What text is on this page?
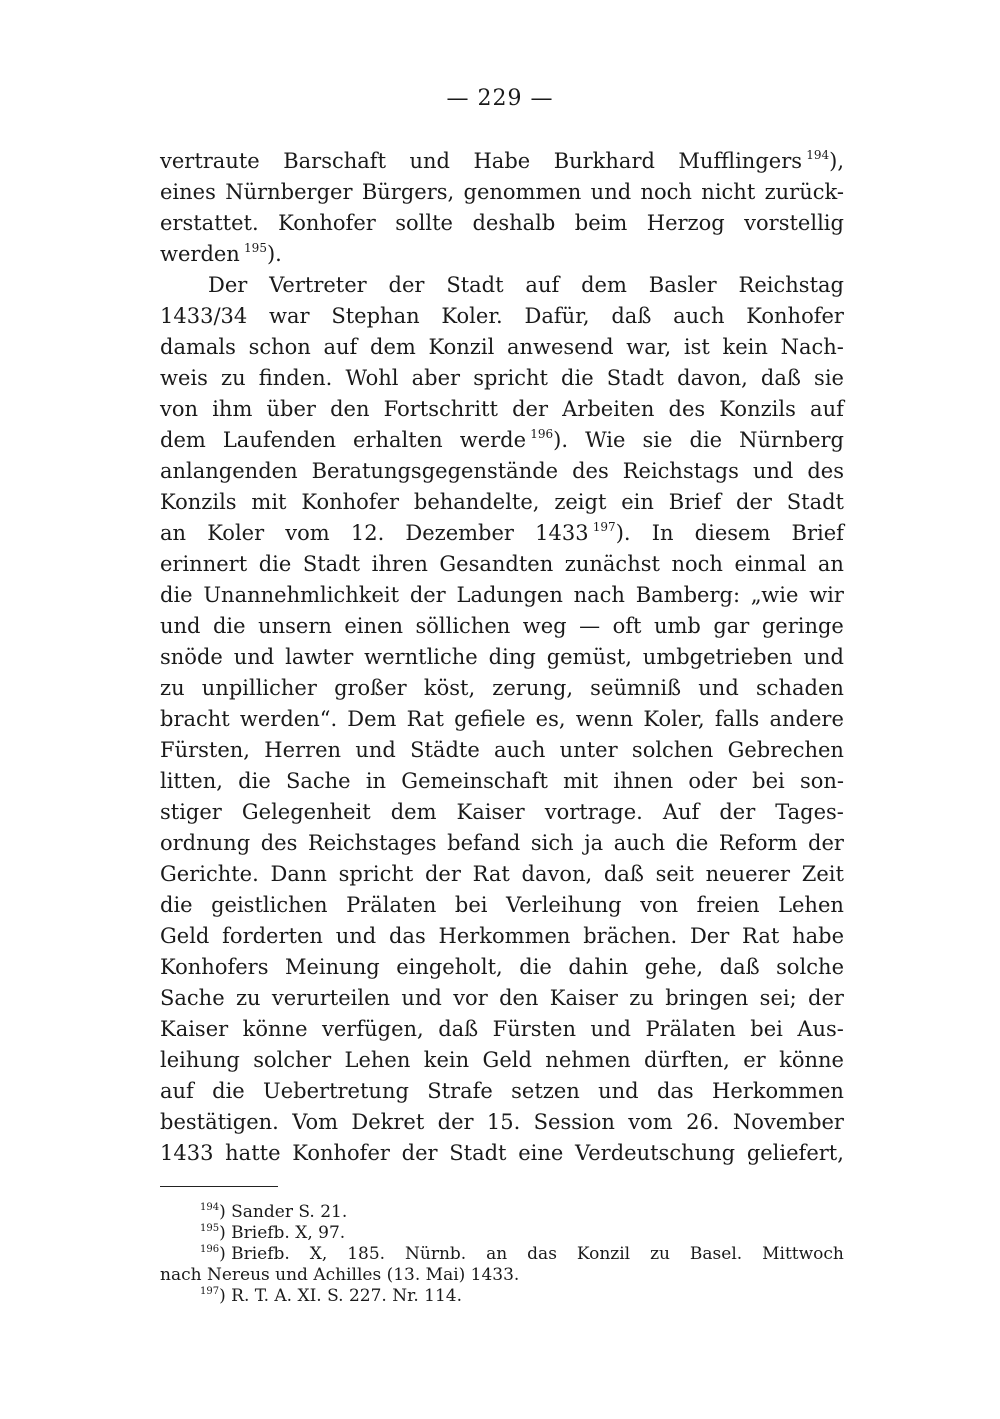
— 229 —
vertraute Barschaft und Habe Burkhard Mufflingers  $^{194}$),
eines Nürnberger Bürgers, genommen und noch nicht zurück-
erstattet. Konhofer sollte deshalb beim Herzog vorstellig
werden  $^{195}$).
Der Vertreter der Stadt auf dem Basler Reichstag
1433/34 war Stephan Koler. Dafür, daß auch Konhofer
damals schon auf dem Konzil anwesend war, ist kein Nach-
weis zu finden. Wohl aber spricht die Stadt davon, daß sie
von ihm über den Fortschritt der Arbeiten des Konzils auf
dem Laufenden erhalten werde  $^{196}$). Wie sie die Nürnberg
anlangenden Beratungsgegenstände des Reichstags und des
Konzils mit Konhofer behandelte, zeigt ein Brief der Stadt
an Koler vom 12. Dezember 1433  $^{197}$). In diesem Brief
erinnert die Stadt ihren Gesandten zunächst noch einmal an
die Unannehmlichkeit der Ladungen nach Bamberg: „wie wir
und die unsern einen söllichen weg — oft umb gar geringe
snöde und lawter werntliche ding gemüst, umbgetrieben und
zu unpillicher großer köst, zerung, seümniß und schaden
bracht werden“. Dem Rat gefiele es, wenn Koler, falls andere
Fürsten, Herren und Städte auch unter solchen Gebrechen
litten, die Sache in Gemeinschaft mit ihnen oder bei son-
stiger Gelegenheit dem Kaiser vortrage. Auf der Tages-
ordnung des Reichstages befand sich ja auch die Reform der
Gerichte. Dann spricht der Rat davon, daß seit neuerer Zeit
die geistlichen Prälaten bei Verleihung von freien Lehen
Geld forderten und das Herkommen brächen. Der Rat habe
Konhofers Meinung eingeholt, die dahin gehe, daß solche
Sache zu verurteilen und vor den Kaiser zu bringen sei; der
Kaiser könne verfügen, daß Fürsten und Prälaten bei Aus-
leihung solcher Lehen kein Geld nehmen dürften, er könne
auf die Uebertretung Strafe setzen und das Herkommen
bestätigen. Vom Dekret der 15. Session vom 26. November
1433 hatte Konhofer der Stadt eine Verdeutschung geliefert,
$^{194}$) Sander S. 21.
$^{195}$) Briefb. X, 97.
$^{196}$) Briefb. X, 185. Nürnb. an das Konzil zu Basel. Mittwoch
nach Nereus und Achilles (13. Mai) 1433.
$^{197}$) R. T. A. XI. S. 227. Nr. 114.
